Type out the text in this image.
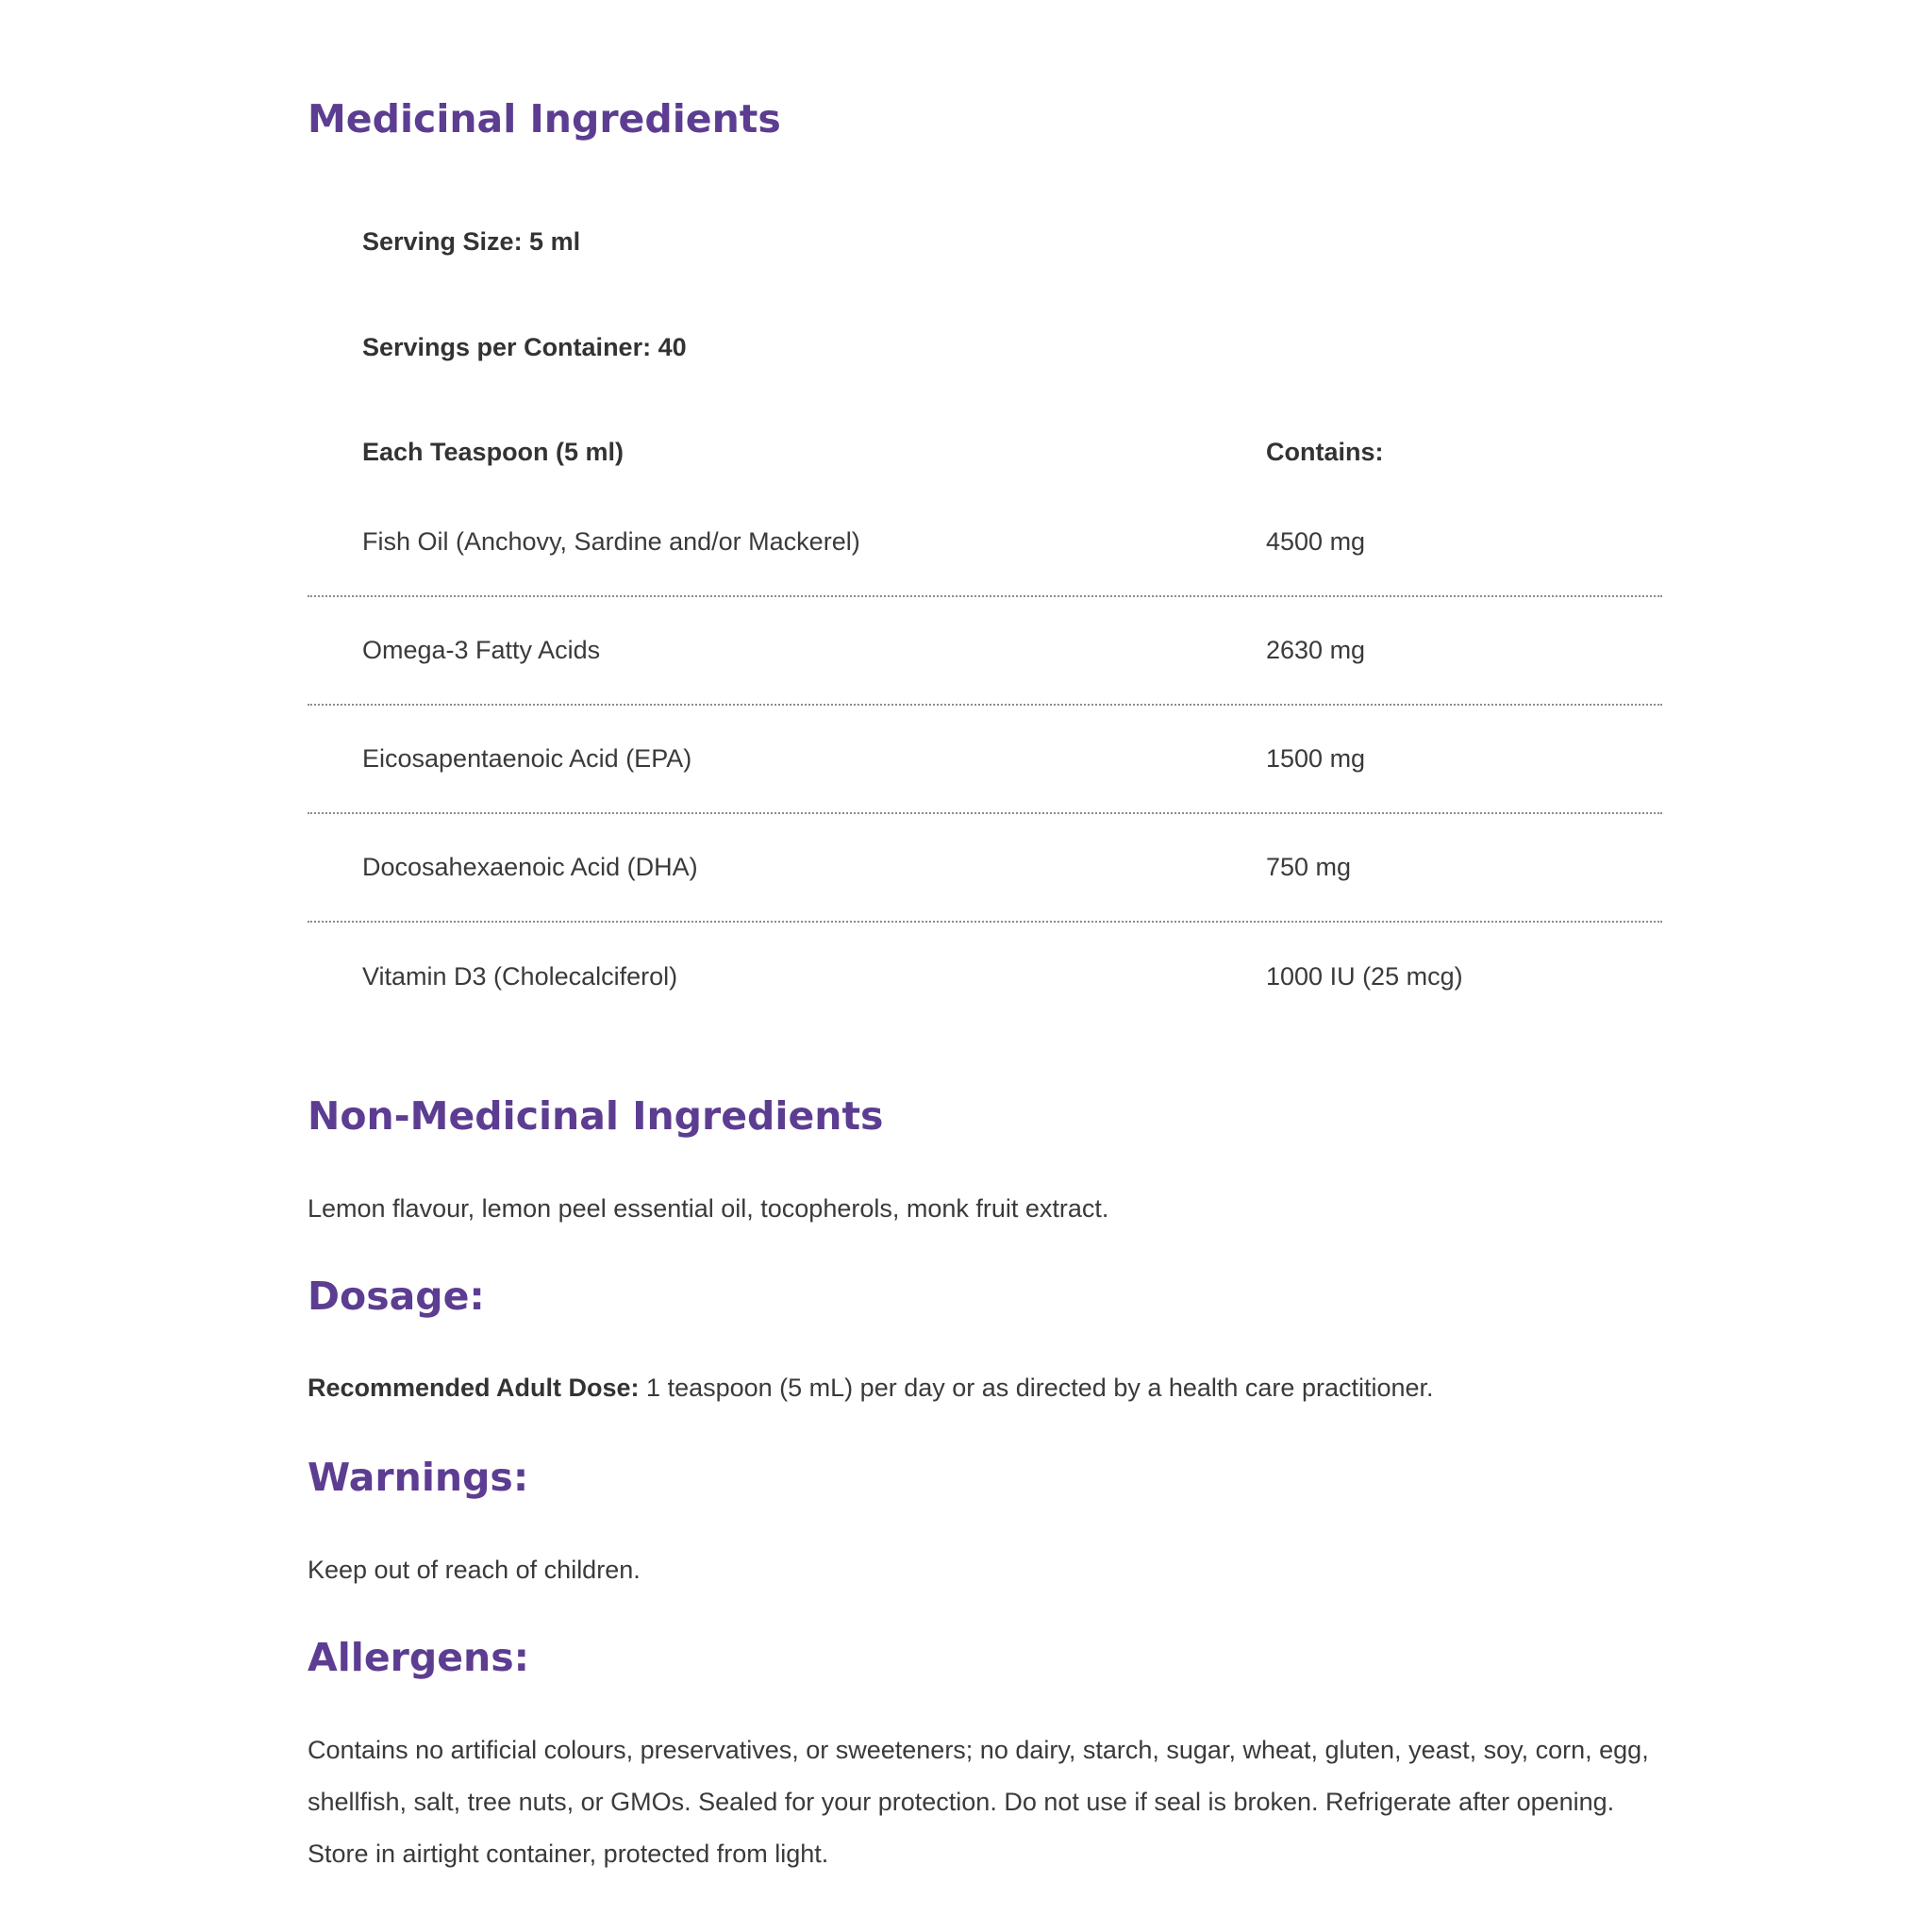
Medicinal Ingredients
Serving Size: 5 ml
Servings per Container: 40
Each Teaspoon (5 ml)	Contains:
Fish Oil (Anchovy, Sardine and/or Mackerel)	4500 mg
Omega-3 Fatty Acids	2630 mg
Eicosapentaenoic Acid (EPA)	1500 mg
Docosahexaenoic Acid (DHA)	750 mg
Vitamin D3 (Cholecalciferol)	1000 IU (25 mcg)
Non-Medicinal Ingredients

Lemon flavour, lemon peel essential oil, tocopherols, monk fruit extract.

Dosage:

Recommended Adult Dose: 1 teaspoon (5 mL) per day or as directed by a health care practitioner.

Warnings:

Keep out of reach of children.

Allergens:

Contains no artificial colours, preservatives, or sweeteners; no dairy, starch, sugar, wheat, gluten, yeast, soy, corn, egg, shellfish, salt, tree nuts, or GMOs. Sealed for your protection. Do not use if seal is broken. Refrigerate after opening. Store in airtight container, protected from light.
